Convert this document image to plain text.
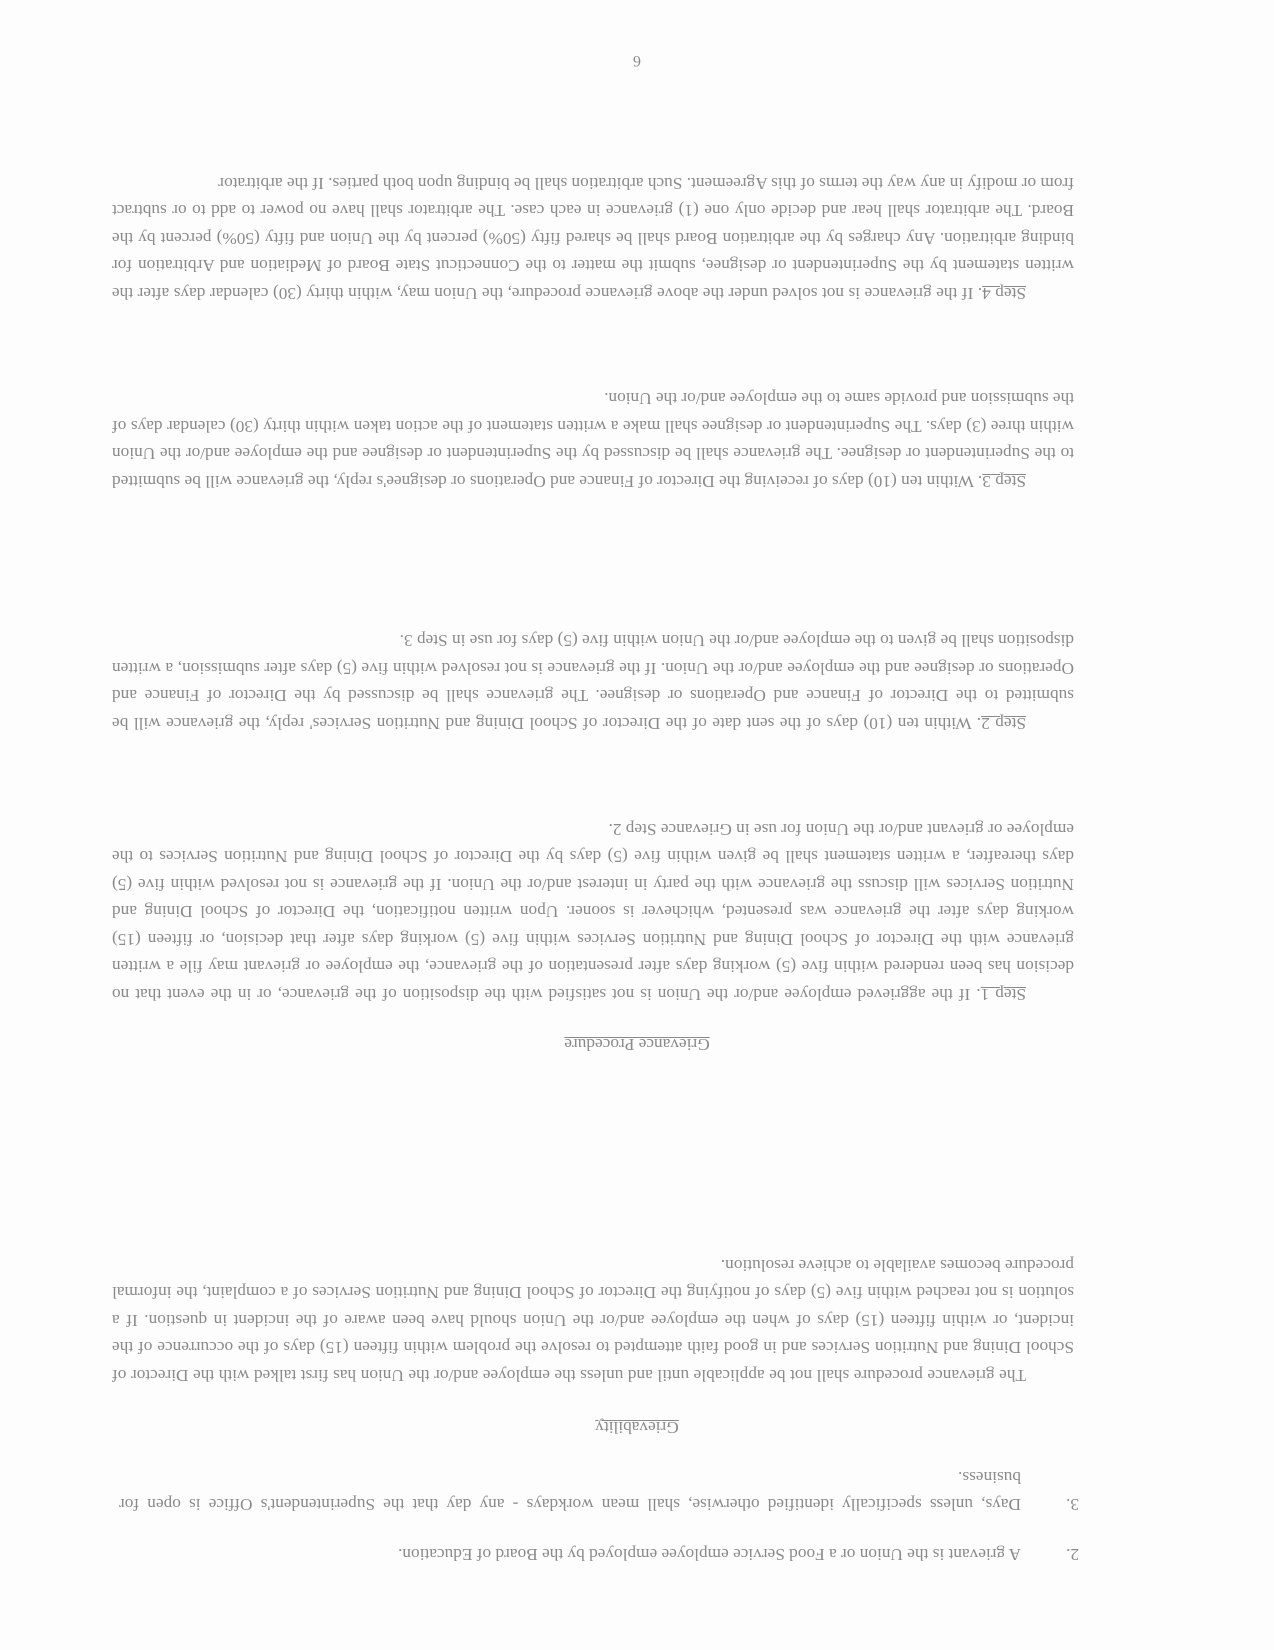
2.
A grievant is the Union or a Food Service employee employed by the Board of Education.
3.
Days, unless specifically identified otherwise, shall mean workdays - any day that the Superintendent's Office is open for business.
Grievability

The grievance procedure shall not be applicable until and unless the employee and/or the Union has first talked with the Director of School Dining and Nutrition Services and in good faith attempted to resolve the problem within fifteen (15) days of the occurrence of the incident, or within fifteen (15) days of when the employee and/or the Union should have been aware of the incident in question. If a solution is not reached within five (5) days of notifying the Director of School Dining and Nutrition Services of a complaint, the informal procedure becomes available to achieve resolution.

Grievance Procedure

Step 1. If the aggrieved employee and/or the Union is not satisfied with the disposition of the grievance, or in the event that no decision has been rendered within five (5) working days after presentation of the grievance, the employee or grievant may file a written grievance with the Director of School Dining and Nutrition Services within five (5) working days after that decision, or fifteen (15) working days after the grievance was presented, whichever is sooner. Upon written notification, the Director of School Dining and Nutrition Services will discuss the grievance with the party in interest and/or the Union. If the grievance is not resolved within five (5) days thereafter, a written statement shall be given within five (5) days by the Director of School Dining and Nutrition Services to the employee or grievant and/or the Union for use in Grievance Step 2.

Step 2. Within ten (10) days of the sent date of the Director of School Dining and Nutrition Services' reply, the grievance will be submitted to the Director of Finance and Operations or designee. The grievance shall be discussed by the Director of Finance and Operations or designee and the employee and/or the Union. If the grievance is not resolved within five (5) days after submission, a written disposition shall be given to the employee and/or the Union within five (5) days for use in Step 3.

Step 3. Within ten (10) days of receiving the Director of Finance and Operations or designee's reply, the grievance will be submitted to the Superintendent or designee. The grievance shall be discussed by the Superintendent or designee and the employee and/or the Union within three (3) days. The Superintendent or designee shall make a written statement of the action taken within thirty (30) calendar days of the submission and provide same to the employee and/or the Union.

Step 4. If the grievance is not solved under the above grievance procedure, the Union may, within thirty (30) calendar days after the written statement by the Superintendent or designee, submit the matter to the Connecticut State Board of Mediation and Arbitration for binding arbitration. Any charges by the arbitration Board shall be shared fifty (50%) percent by the Union and fifty (50%) percent by the Board. The arbitrator shall hear and decide only one (1) grievance in each case. The arbitrator shall have no power to add to or subtract from or modify in any way the terms of this Agreement. Such arbitration shall be binding upon both parties. If the arbitrator

6
